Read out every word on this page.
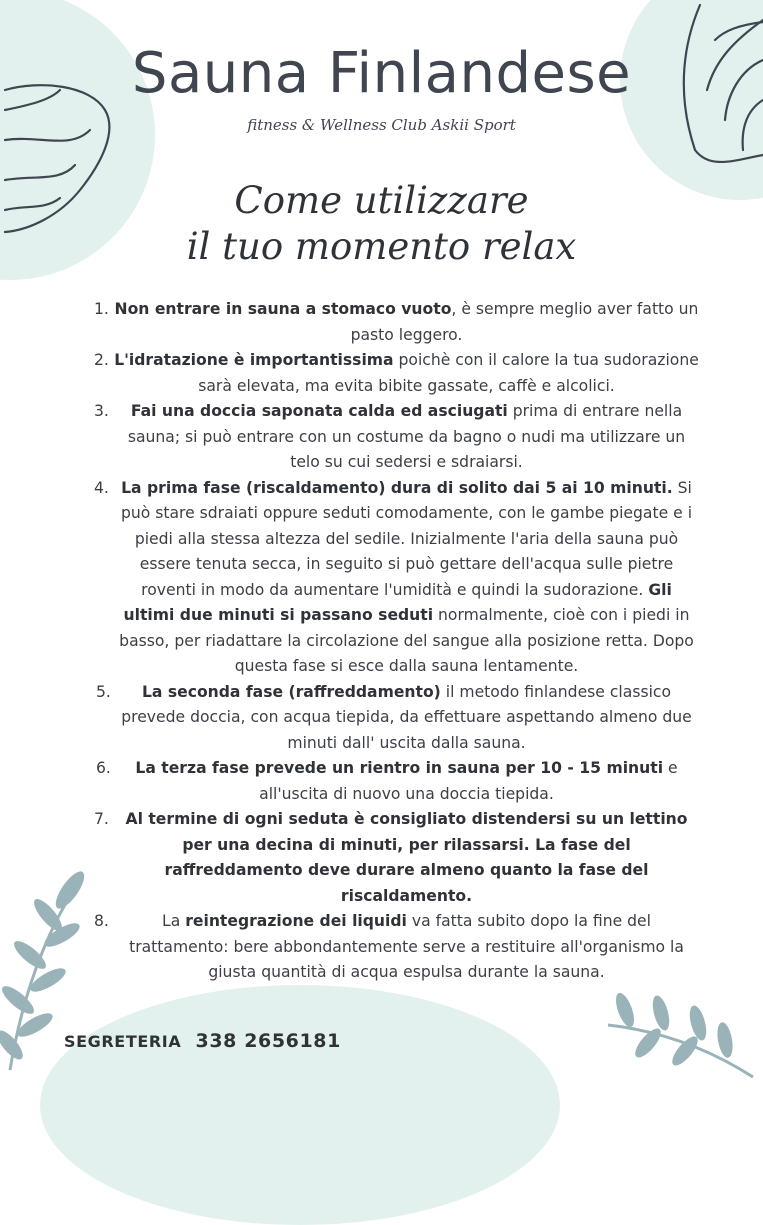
Sauna Finlandese
fitness & Wellness Club Askii Sport
Come utilizzare
il tuo momento relax
1. Non entrare in sauna a stomaco vuoto, è sempre meglio aver fatto un pasto leggero.
2. L'idratazione è importantissima poichè con il calore la tua sudorazione sarà elevata, ma evita bibite gassate, caffè e alcolici.
3.	Fai una doccia saponata calda ed asciugati prima di entrare nella sauna; si può entrare con un costume da bagno o nudi ma utilizzare un telo su cui sedersi e sdraiarsi.
4. La prima fase (riscaldamento) dura di solito dai 5 ai 10 minuti. Si può stare sdraiati oppure seduti comodamente, con le gambe piegate e i piedi alla stessa altezza del sedile. Inizialmente l'aria della sauna può essere tenuta secca, in seguito si può gettare dell'acqua sulle pietre roventi in modo da aumentare l'umidità e quindi la sudorazione. Gli ultimi due minuti si passano seduti normalmente, cioè con i piedi in basso, per riadattare la circolazione del sangue alla posizione retta. Dopo questa fase si esce dalla sauna lentamente.
5.	La seconda fase (raffreddamento) il metodo finlandese classico prevede doccia, con acqua tiepida, da effettuare aspettando almeno due minuti dall' uscita dalla sauna.
6.	La terza fase prevede un rientro in sauna per 10 - 15 minuti e all'uscita di nuovo una doccia tiepida.
7.	Al termine di ogni seduta è consigliato distendersi su un lettino per una decina di minuti, per rilassarsi. La fase del raffreddamento deve durare almeno quanto la fase del riscaldamento.
8.	La reintegrazione dei liquidi va fatta subito dopo la fine del trattamento: bere abbondantemente serve a restituire all'organismo la giusta quantità di acqua espulsa durante la sauna.
SEGRETERIA 338 2656181
